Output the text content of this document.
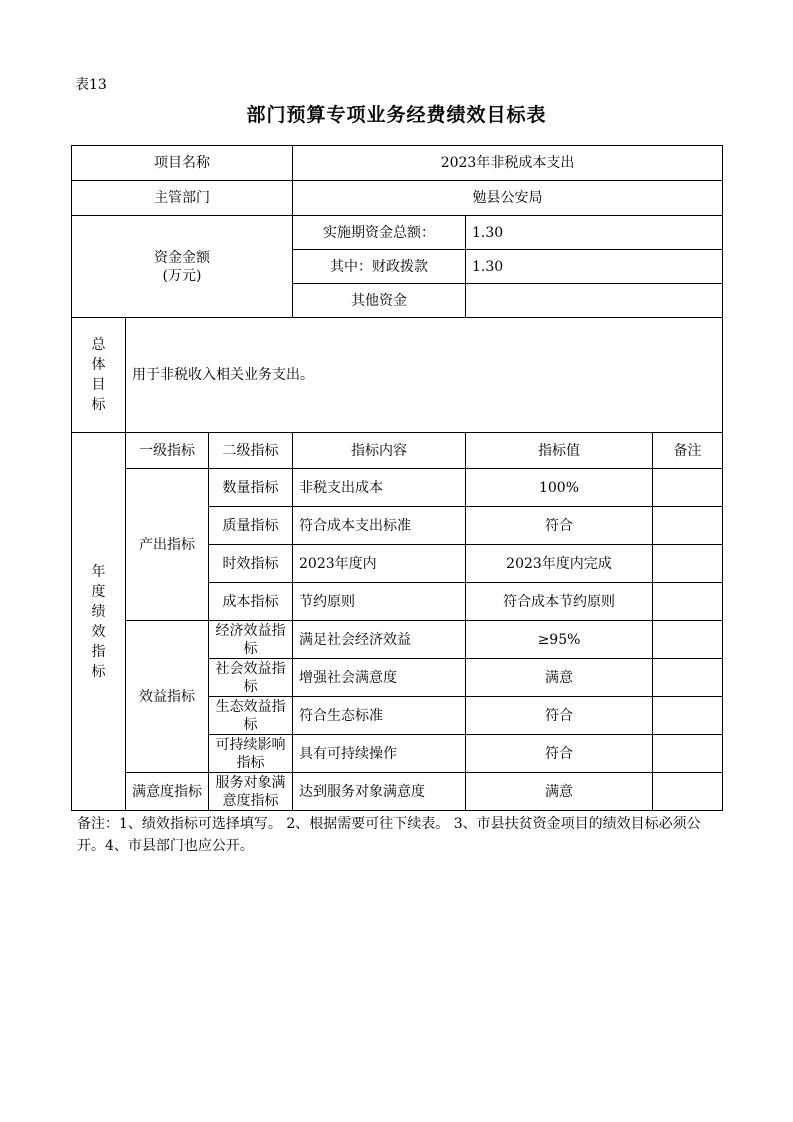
表13
部门预算专项业务经费绩效目标表
项目名称			2023年非税成本支出		
主管部门			勉县公安局		

资金金额
(万元)			实施期资金总额：	1.30	
			其中：财政拨款	1.30	
			其他资金		

总体目标	用于非税收入相关业务支出。				

年度绩效指标	一级指标	二级指标	指标内容	指标值	备注
	产出指标	数量指标	非税支出成本	100%	
		质量指标	符合成本支出标准	符合	
		时效指标	2023年度内	2023年度内完成	
		成本指标	节约原则	符合成本节约原则	
	效益指标	经济效益指标	满足社会经济效益	≥95%	
		社会效益指标	增强社会满意度	满意	
		生态效益指标	符合生态标准	符合	
		可持续影响指标	具有可持续操作	符合	
	满意度指标	服务对象满意度指标	达到服务对象满意度	满意	
备注：1、绩效指标可选择填写。 2、根据需要可往下续表。 3、市县扶贫资金项目的绩效目标必须公开。4、市县部门也应公开。
